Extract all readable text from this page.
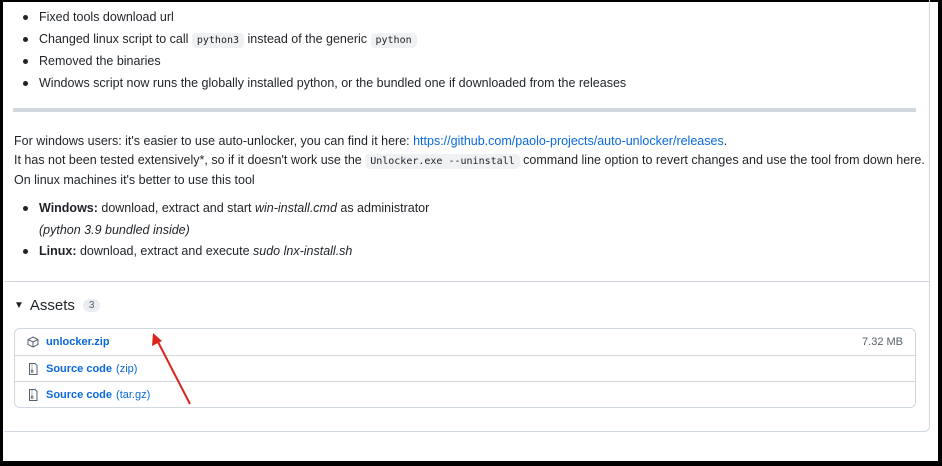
Fixed tools download url
Changed linux script to call python3 instead of the generic python
Removed the binaries
Windows script now runs the globally installed python, or the bundled one if downloaded from the releases
For windows users: it's easier to use auto-unlocker, you can find it here: https://github.com/paolo-projects/auto-unlocker/releases.
It has not been tested extensively*, so if it doesn't work use the Unlocker.exe --uninstall command line option to revert changes and use the tool from down here.
On linux machines it's better to use this tool
Windows: download, extract and start win-install.cmd as administrator
(python 3.9 bundled inside)
Linux: download, extract and execute sudo lnx-install.sh
▼ Assets	3
unlocker.zip	7.32 MB
Source code (zip)
Source code (tar.gz)
